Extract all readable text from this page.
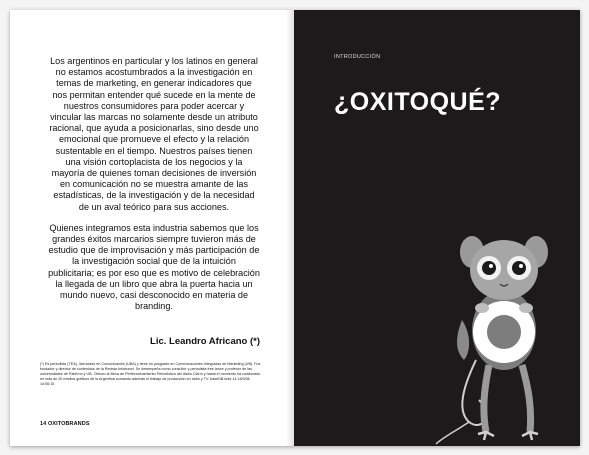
Los argentinos en particular y los latinos en general no estamos acostumbrados a la investigación en temas de marketing, en generar indicadores que nos permitan entender qué sucede en la mente de nuestros consumidores para poder acercar y vincular las marcas no solamente desde un atributo racional, que ayuda a posicionarlas, sino desde uno emocional que promueve el efecto y la relación sustentable en el tiempo. Nuestros países tienen una visión cortoplacista de los negocios y la mayoría de quienes toman decisiones de inversión en comunicación no se muestra amante de las estadísticas, de la investigación y de la necesidad de un aval teórico para sus acciones.

Quienes integramos esta industria sabemos que los grandes éxitos marcarios siempre tuvieron más de estudio que de improvisación y más participación de la investigación social que de la intuición publicitaria; es por eso que es motivo de celebración la llegada de un libro que abra la puerta hacia un mundo nuevo, casi desconocido en materia de branding.

Lic. Leandro Africano (*)
(*) Es periodista (TEA), licenciado en Comunicación (UBA) y tiene un posgrado en Comunicaciones Integradas de Marketing (UB). Fue fundador y director de contenidos de la Revista Infobrand. Se desempeña como consultor y periodista free lance y profesor de las universidades de Palermo y UB. Obtuvo la Beca de Perfeccionamiento Periodístico del diario Clarín y hasta el momento ha colaborado en más de 20 medios gráficos de la Argentina sumando además el trabajo de producción en radio y TV. baseDB.indd 14 14/9/06 14:06:15
14 OXITOBRANDS
INTRODUCCIÓN
¿OXITOQUÉ?
